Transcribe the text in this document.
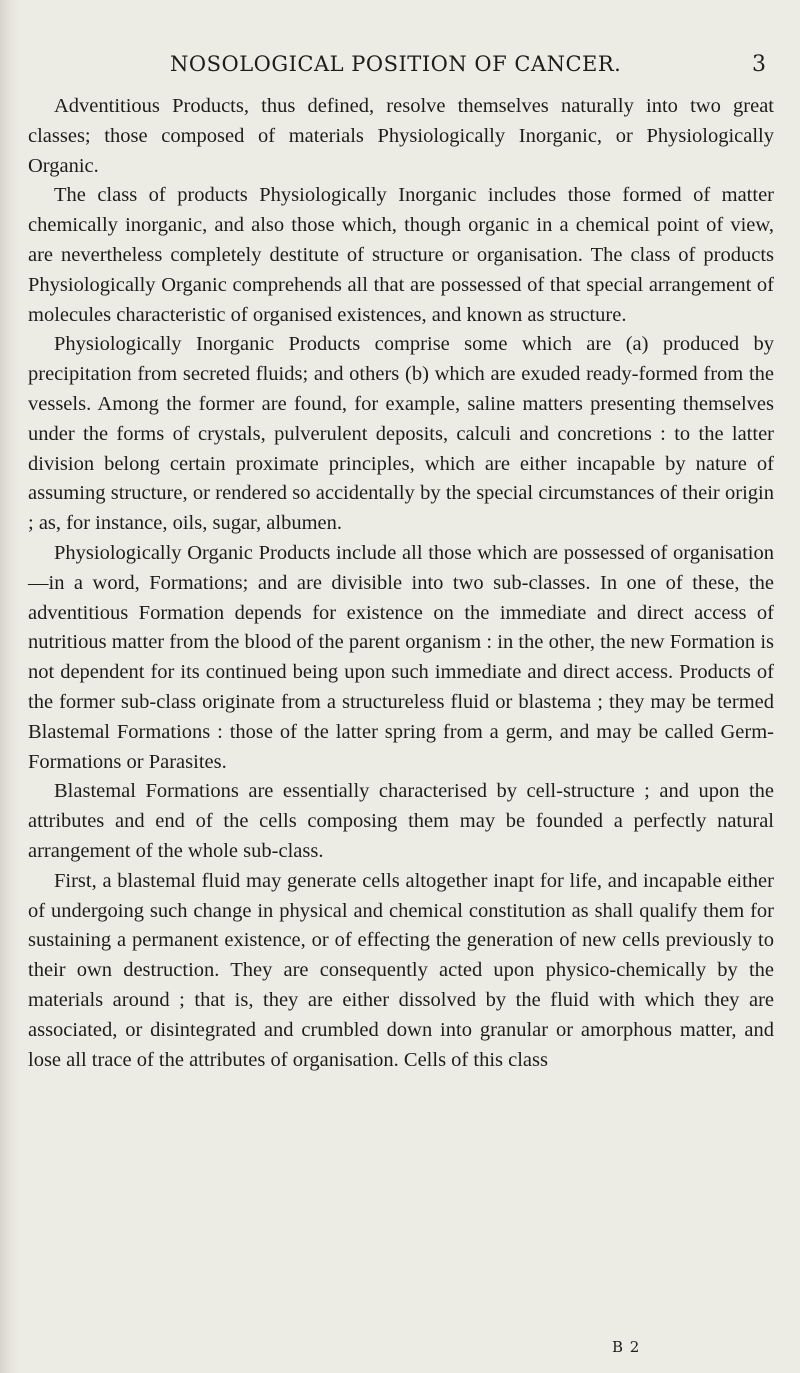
NOSOLOGICAL POSITION OF CANCER.	3

Adventitious Products, thus defined, resolve themselves naturally into two great classes; those composed of materials Physiologically Inorganic, or Physiologically Organic.

The class of products Physiologically Inorganic includes those formed of matter chemically inorganic, and also those which, though organic in a chemical point of view, are nevertheless completely destitute of structure or organisation. The class of products Physiologically Organic comprehends all that are possessed of that special arrangement of molecules characteristic of organised existences, and known as structure.

Physiologically Inorganic Products comprise some which are (a) produced by precipitation from secreted fluids; and others (b) which are exuded ready-formed from the vessels. Among the former are found, for example, saline matters presenting themselves under the forms of crystals, pulverulent deposits, calculi and concretions : to the latter division belong certain proximate principles, which are either incapable by nature of assuming structure, or rendered so accidentally by the special circumstances of their origin ; as, for instance, oils, sugar, albumen.

Physiologically Organic Products include all those which are possessed of organisation—in a word, Formations; and are divisible into two sub-classes. In one of these, the adventitious Formation depends for existence on the immediate and direct access of nutritious matter from the blood of the parent organism : in the other, the new Formation is not dependent for its continued being upon such immediate and direct access. Products of the former sub-class originate from a structureless fluid or blastema ; they may be termed Blastemal Formations : those of the latter spring from a germ, and may be called Germ-Formations or Parasites.

Blastemal Formations are essentially characterised by cell-structure ; and upon the attributes and end of the cells composing them may be founded a perfectly natural arrangement of the whole sub-class.

First, a blastemal fluid may generate cells altogether inapt for life, and incapable either of undergoing such change in physical and chemical constitution as shall qualify them for sustaining a permanent existence, or of effecting the generation of new cells previously to their own destruction. They are consequently acted upon physico-chemically by the materials around ; that is, they are either dissolved by the fluid with which they are associated, or disintegrated and crumbled down into granular or amorphous matter, and lose all trace of the attributes of organisation. Cells of this class

B 2
